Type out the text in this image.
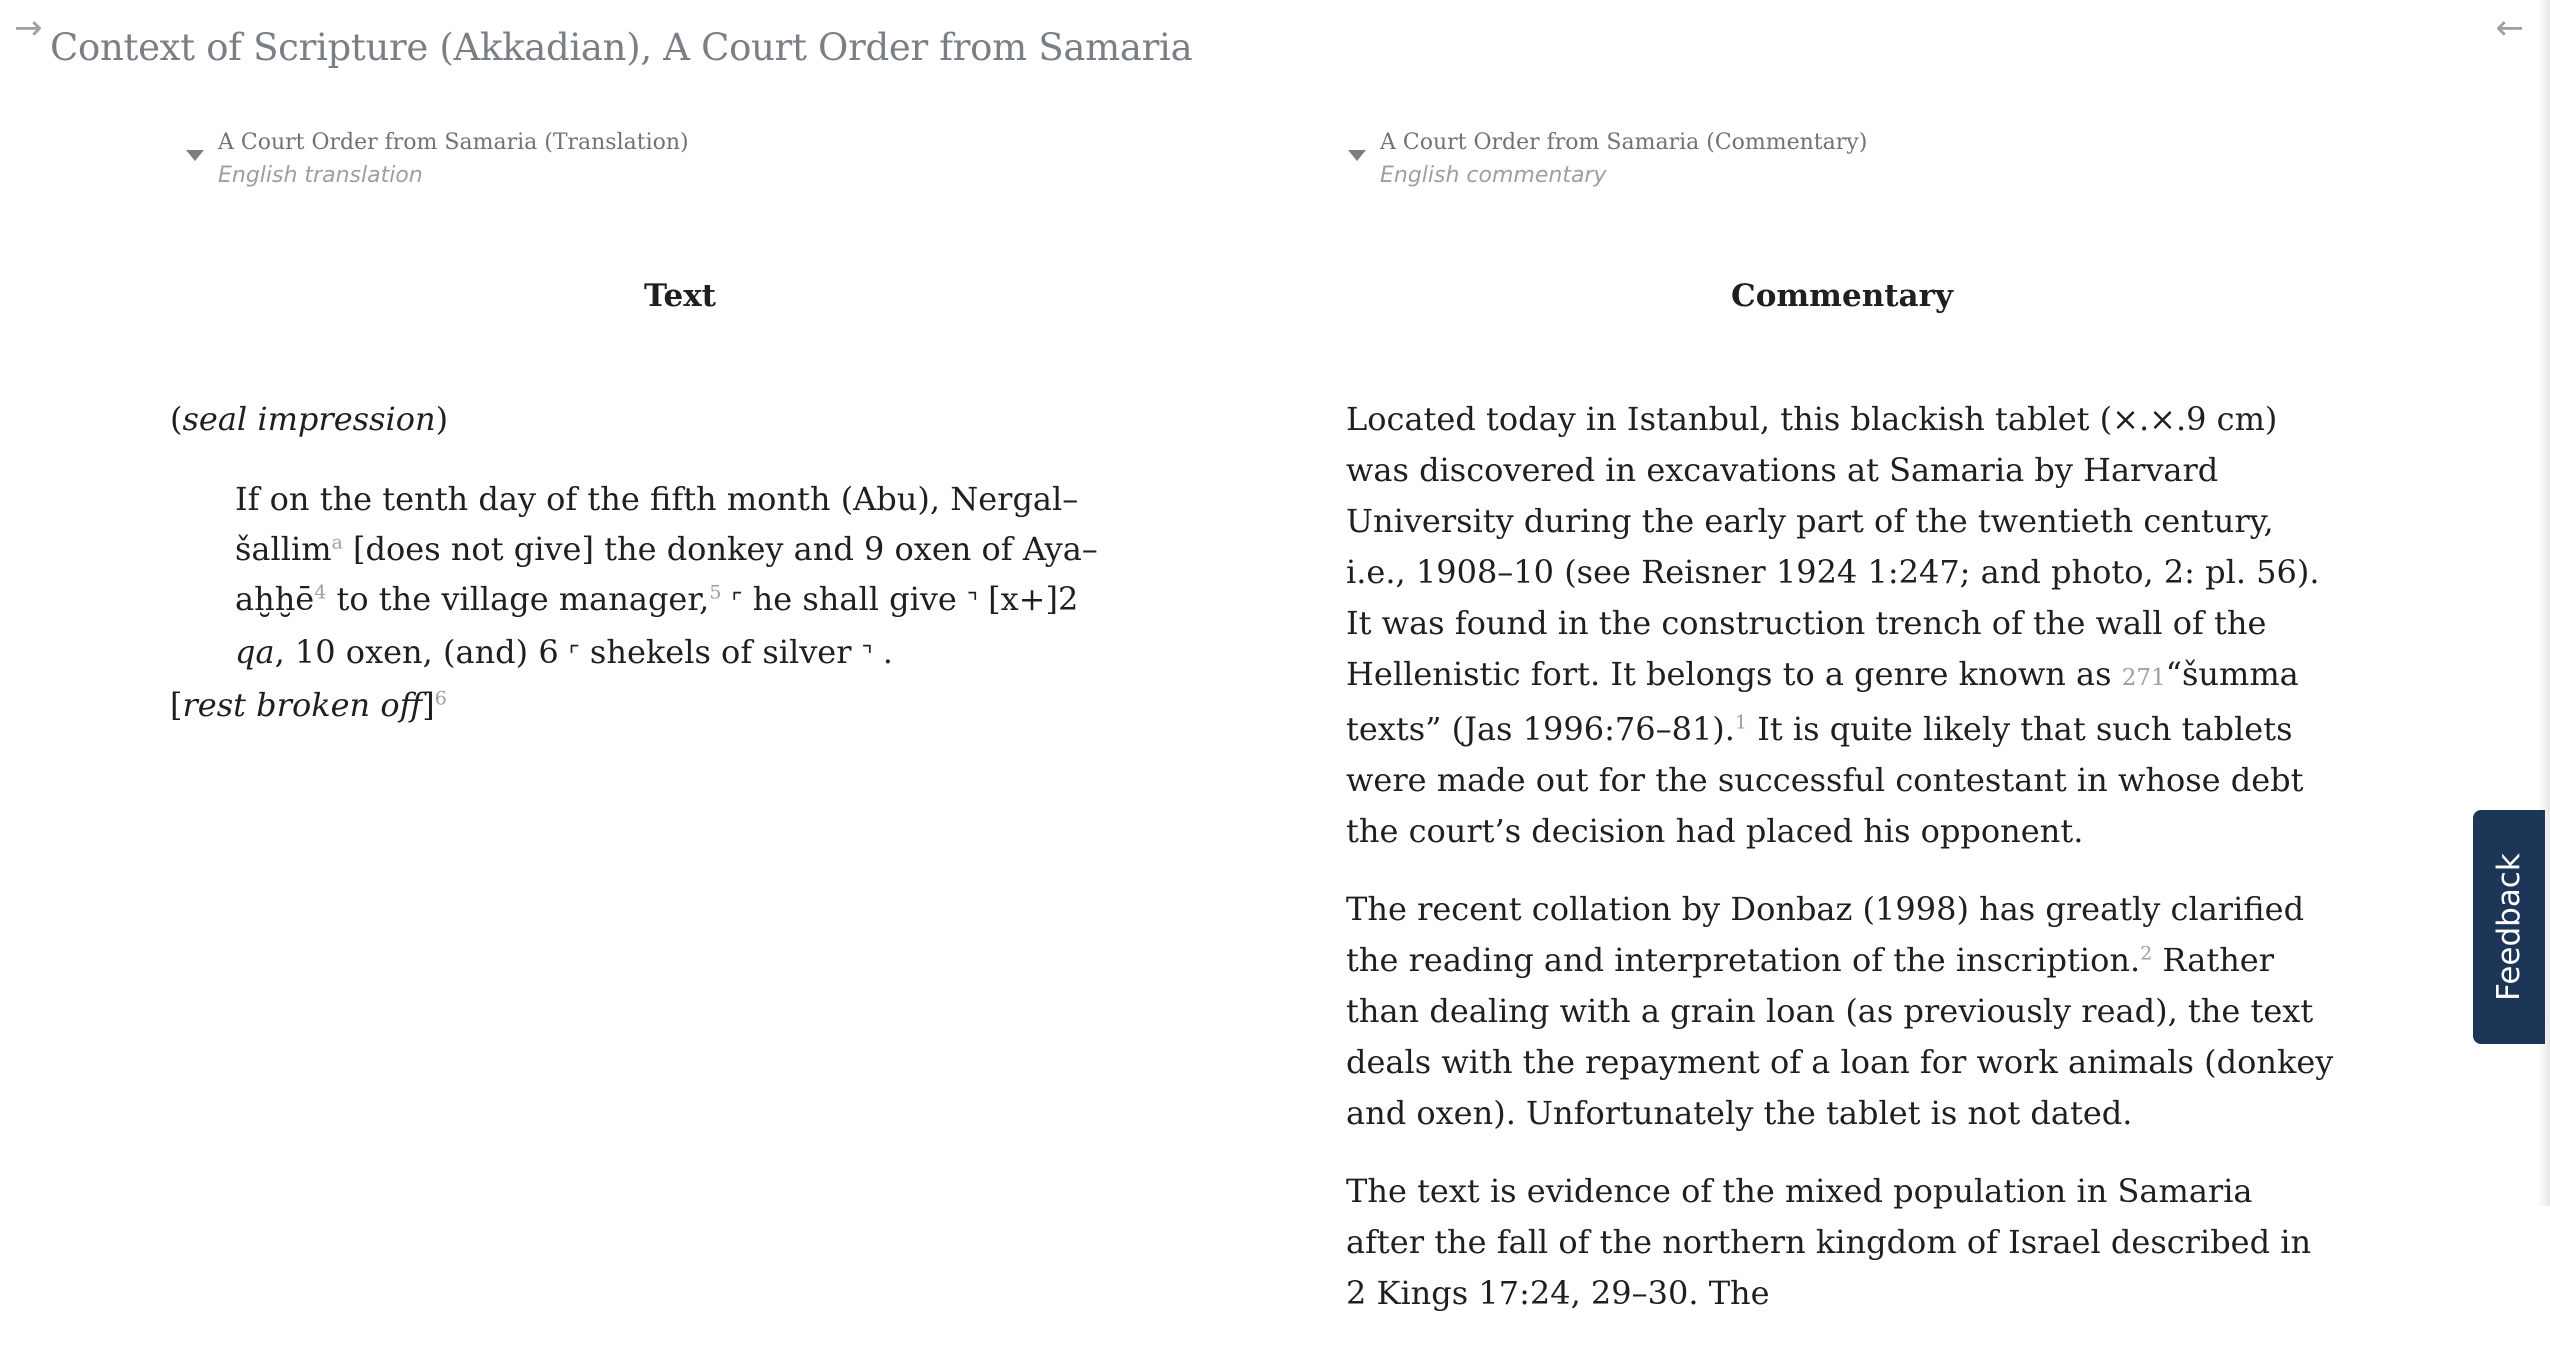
→	←
Context of Scripture (Akkadian), A Court Order from Samaria
A Court Order from Samaria (Translation)
English translation
A Court Order from Samaria (Commentary)
English commentary
Text	Commentary

(seal impression)

If on the tenth day of the fifth month (Abu), Nergal–šallim$^a$ [does not give] the donkey and 9 oxen of Aya–aḫḫē$^4$ to the village manager,$^5$ ⌜ he shall give ⌝ [x+]2 qa, 10 oxen, (and) 6 ⌜ shekels of silver ⌝ .

[rest broken off]$^6$

Located today in Istanbul, this blackish tablet (×.×.9 cm) was discovered in excavations at Samaria by Harvard University during the early part of the twentieth century, i.e., 1908–10 (see Reisner 1924 1:247; and photo, 2: pl. 56). It was found in the construction trench of the wall of the Hellenistic fort. It belongs to a genre known as 271“šumma texts” (Jas 1996:76–81).$^1$ It is quite likely that such tablets were made out for the successful contestant in whose debt the court’s decision had placed his opponent.

The recent collation by Donbaz (1998) has greatly clarified the reading and interpretation of the inscription.$^2$ Rather than dealing with a grain loan (as previously read), the text deals with the repayment of a loan for work animals (donkey and oxen). Unfortunately the tablet is not dated.

The text is evidence of the mixed population in Samaria after the fall of the northern kingdom of Israel described in 2 Kings 17:24, 29–30. The

Feedback
